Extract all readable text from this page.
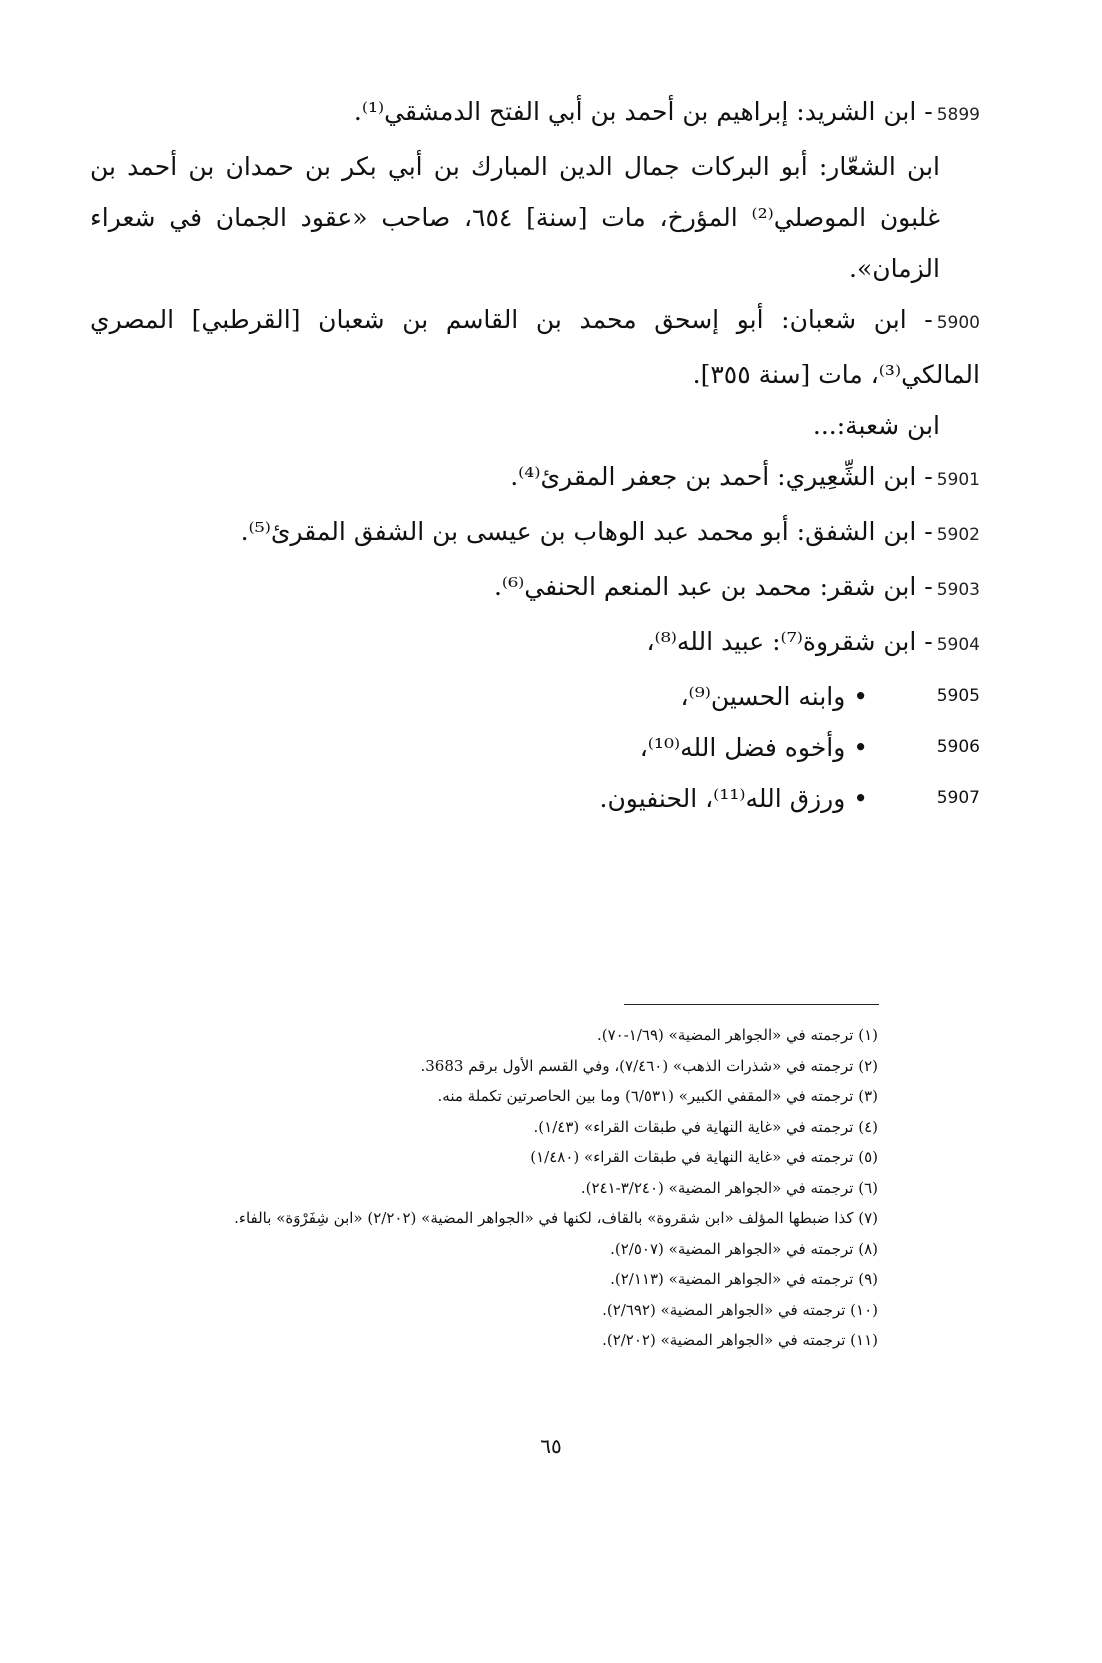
5899- ابن الشريد: إبراهيم بن أحمد بن أبي الفتح الدمشقي⁽¹⁾.
ابن الشعّار: أبو البركات جمال الدين المبارك بن أبي بكر بن حمدان بن أحمد بن غلبون الموصلي⁽²⁾ المؤرخ، مات [سنة] ٦٥٤، صاحب «عقود الجمان في شعراء الزمان».
5900- ابن شعبان: أبو إسحق محمد بن القاسم بن شعبان [القرطبي] المصري المالكي⁽³⁾، مات [سنة ٣٥٥].
ابن شعبة:...
5901- ابن الشِّعِيري: أحمد بن جعفر المقرئ⁽⁴⁾.
5902- ابن الشفق: أبو محمد عبد الوهاب بن عيسى بن الشفق المقرئ⁽⁵⁾.
5903- ابن شقر: محمد بن عبد المنعم الحنفي⁽⁶⁾.
5904- ابن شقروة⁽⁷⁾: عبيد الله⁽⁸⁾،
5905
• وابنه الحسين⁽⁹⁾،
5906
• وأخوه فضل الله⁽¹⁰⁾،
5907
• ورزق الله⁽¹¹⁾، الحنفيون.
(١) ترجمته في «الجواهر المضية» (١/٦٩-٧٠).
(٢) ترجمته في «شذرات الذهب» (٧/٤٦٠)، وفي القسم الأول برقم 3683.
(٣) ترجمته في «المقفي الكبير» (٦/٥٣١) وما بين الحاصرتين تكملة منه.
(٤) ترجمته في «غاية النهاية في طبقات القراء» (١/٤٣).
(٥) ترجمته في «غاية النهاية في طبقات القراء» (١/٤٨٠)
(٦) ترجمته في «الجواهر المضية» (٣/٢٤٠-٢٤١).
(٧) كذا ضبطها المؤلف «ابن شقروة» بالقاف، لكنها في «الجواهر المضية» (٢/٢٠٢) «ابن شِفَرْوَة» بالفاء.
(٨) ترجمته في «الجواهر المضية» (٢/٥٠٧).
(٩) ترجمته في «الجواهر المضية» (٢/١١٣).
(١٠) ترجمته في «الجواهر المضية» (٢/٦٩٢).
(١١) ترجمته في «الجواهر المضية» (٢/٢٠٢).
٦٥
